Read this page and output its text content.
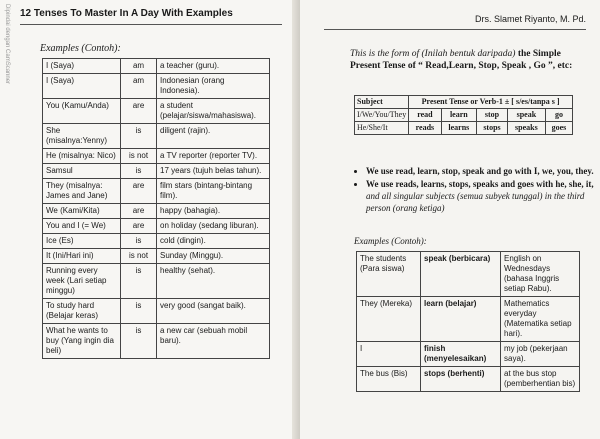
Dipindai dengan CamScanner 12 Tenses To Master In A Day With Examples
Examples (Contoh):
I (Saya)	am	a teacher (guru).
I (Saya)	am	Indonesian (orang Indonesia).
You (Kamu/Anda)	are	a student (pelajar/siswa/mahasiswa).
She (misalnya:Yenny)	is	diligent (rajin).
He (misalnya: Nico)	is not	a TV reporter (reporter TV).
Samsul	is	17 years (tujuh belas tahun).
They (misalnya: James and Jane)	are	film stars (bintang-bintang film).
We (Kami/Kita)	are	happy (bahagia).
You and I (= We)	are	on holiday (sedang liburan).
Ice (Es)	is	cold (dingin).
It (Ini/Hari ini)	is not	Sunday (Minggu).
Running every week (Lari setiap minggu)	is	healthy (sehat).
To study hard (Belajar keras)	is	very good (sangat baik).
What he wants to buy (Yang ingin dia beli)	is	a new car (sebuah mobil baru).
Drs. Slamet Riyanto, M. Pd.
This is the form of (Inilah bentuk daripada) the Simple Present Tense of “ Read,Learn, Stop, Speak , Go ”, etc:
Subject	Present Tense or Verb-1 ± [ s/es/tanpa s ]				
I/We/You/They	read	learn	stop	speak	go
He/She/It	reads	learns	stops	speaks	goes
• We use read, learn, stop, speak and go with I, we, you, they.
• We use reads, learns, stops, speaks and goes with he, she, it, and all singular subjects (semua subyek tunggal) in the third person (orang ketiga)
Examples (Contoh):
The students (Para siswa)	speak (berbicara)	English on Wednesdays (bahasa Inggris setiap Rabu).
They (Mereka)	learn (belajar)	Mathematics everyday (Matematika setiap hari).
I	finish (menyelesaikan)	my job (pekerjaan saya).
The bus (Bis)	stops (berhenti)	at the bus stop (pemberhentian bis)
